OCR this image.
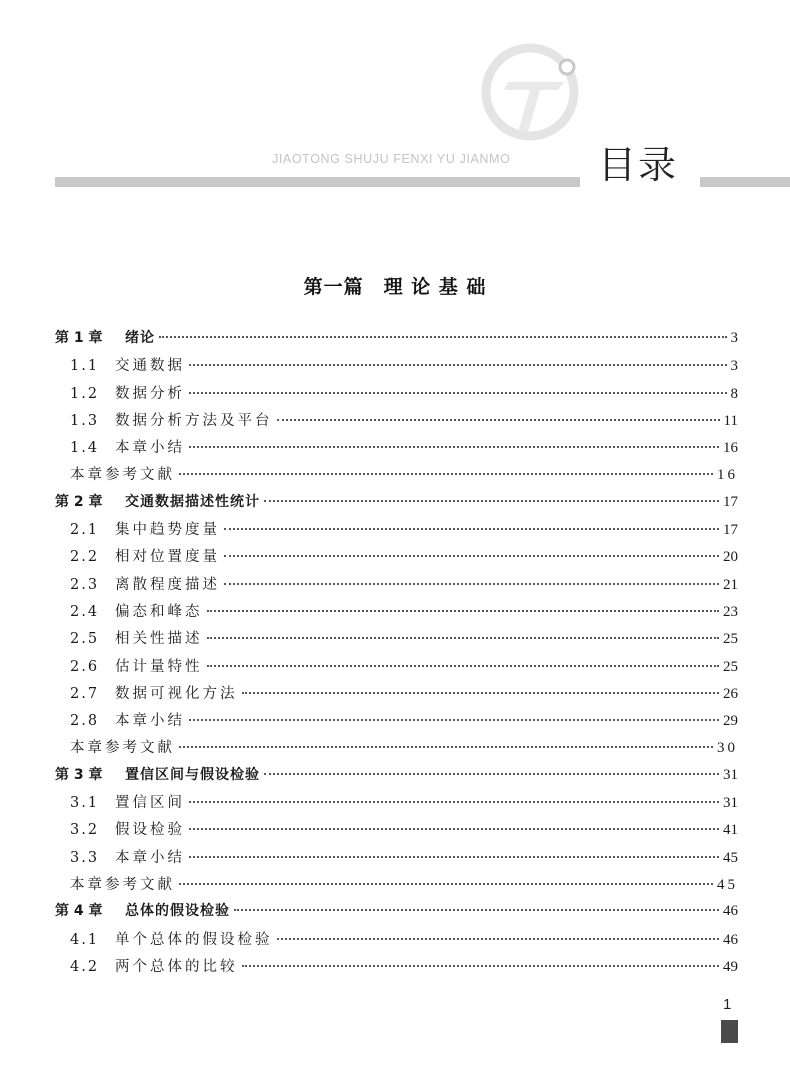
JIAOTONG SHUJU FENXI YU JIANMO 目录
第一篇　理 论 基 础
第 1 章	绪论	3
1.1	交通数据	3
1.2	数据分析	8
1.3	数据分析方法及平台	11
1.4	本章小结	16
本章参考文献	16
第 2 章	交通数据描述性统计	17
2.1	集中趋势度量	17
2.2	相对位置度量	20
2.3	离散程度描述	21
2.4	偏态和峰态	23
2.5	相关性描述	25
2.6	估计量特性	25
2.7	数据可视化方法	26
2.8	本章小结	29
本章参考文献	30
第 3 章	置信区间与假设检验	31
3.1	置信区间	31
3.2	假设检验	41
3.3	本章小结	45
本章参考文献	45
第 4 章	总体的假设检验	46
4.1	单个总体的假设检验	46
4.2	两个总体的比较	49
1
